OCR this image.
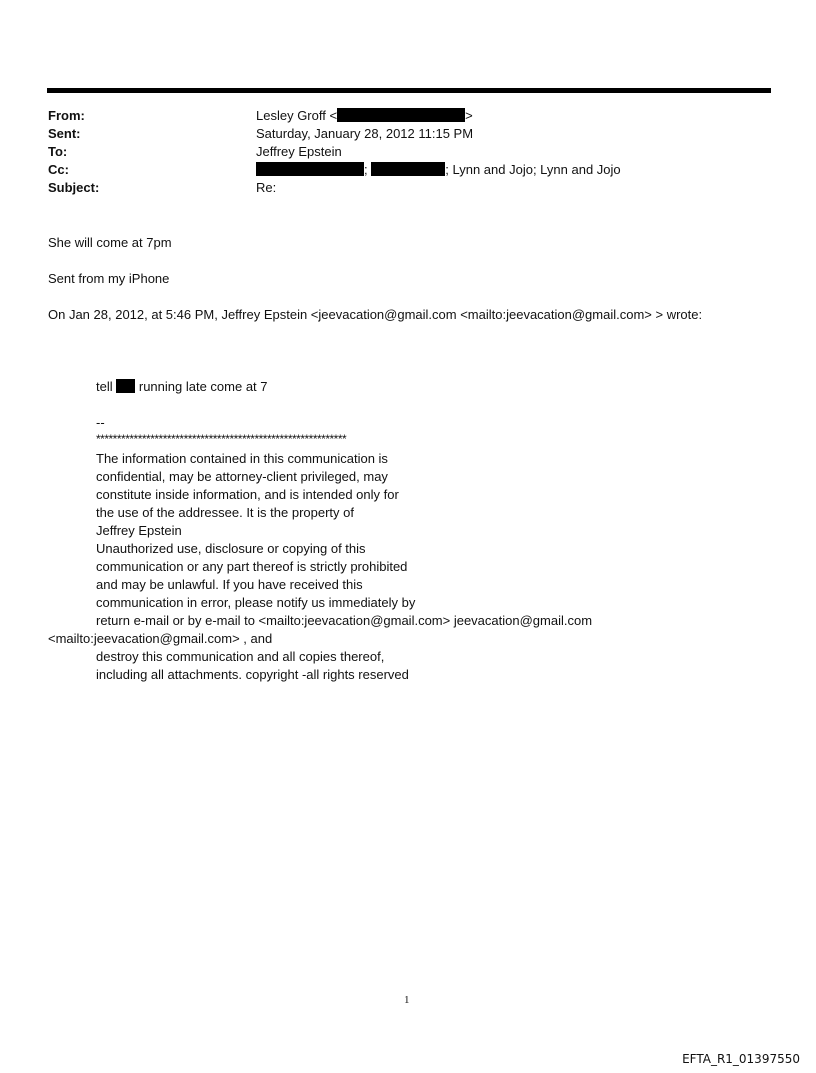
From:
Sent:
To:
Cc:
Subject:
Lesley Groff <	>
Saturday, January 28, 2012 11:15 PM
Jeffrey Epstein
;	; Lynn and Jojo; Lynn and Jojo
Re:
She will come at 7pm
Sent from my iPhone
On Jan 28, 2012, at 5:46 PM, Jeffrey Epstein <jeevacation@gmail.com <mailto:jeevacation@gmail.com> > wrote:
tell running late come at 7
--
************************************************************
The information contained in this communication is
confidential, may be attorney-client privileged, may
constitute inside information, and is intended only for
the use of the addressee. It is the property of
Jeffrey Epstein
Unauthorized use, disclosure or copying of this
communication or any part thereof is strictly prohibited
and may be unlawful. If you have received this
communication in error, please notify us immediately by
return e-mail or by e-mail to <mailto:jeevacation@gmail.com> jeevacation@gmail.com
<mailto:jeevacation@gmail.com> , and
destroy this communication and all copies thereof,
including all attachments. copyright -all rights reserved
1
EFTA_R1_01397550
